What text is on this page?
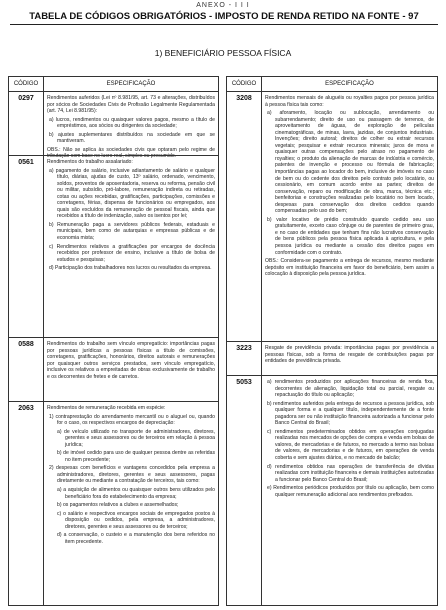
ANEXO - I I I
TABELA DE CÓDIGOS OBRIGATÓRIOS - IMPOSTO DE RENDA RETIDO NA FONTE - 97
1) BENEFICIÁRIO PESSOA FÍSICA
CÓDIGO	ESPECIFICAÇÃO
0297	Rendimentos auferidos (Lei nº 8.981/95, art. 73 e alterações, distribuídos por sócios de Sociedades Civis de Profissão Legalmente Regulamentada (art. 74, Lei 8.981/95):

a) lucros, rendimentos ou quaisquer valores pagos, mesmo a título de empréstimos, aos sócios ou dirigentes da sociedade;

b) ajustes suplementares distribuídos na sociedade em que se mantiveram.

OBS.: Não se aplica às sociedades civis que optaram pelo regime de tributação com base no lucro real, simples ou presumido.

0561	Rendimentos do trabalho assalariado:

a) pagamento de salário, inclusive adiantamento de salário e qualquer título, diárias, ajudas de custo, 13º salário, ordenado, vencimento, soldos, proventos de aposentadoria, reserva ou reforma, pensão civil ou militar, subsídio, pró-labore, remuneração indireta ou retiradas, cotas ou ações recebidas, gratificações, participações, comissões e corretagens, férias, dispensa de funcionários ou empregados, aos quais são excluídos da remuneração de pessoal fiscais, ainda que recebidos a título de indenização, salvo os isentos por lei;

b) Remuneração paga a servidores públicos federais, estaduais e municipais, bem como de autarquias e empresas públicas e de economia mista;

c) Rendimentos relativos a gratificações por encargos de docência recebidos por professor de ensino, inclusive a título de bolsa de estudos e pesquisas;

d) Participação dos trabalhadores nos lucros ou resultados da empresa.

0588	Rendimentos do trabalho sem vínculo empregatício: importâncias pagas por pessoas jurídicas a pessoas físicas a título de comissões, corretagens, gratificações, honorários, direitos autorais e remunerações por quaisquer outros serviços prestados, sem vínculo empregatício, inclusive os relativos a empreitadas de obras exclusivamente de trabalho e os decorrentes de fretes e de carretos.

2063	Rendimentos de remuneração recebida em espécie:

1) contraprestação do arrendamento mercantil ou o aluguel ou, quando for o caso, os respectivos encargos de depreciação:

a) de veículo utilizado no transporte de administradores, diretores, gerentes e seus assessores ou de terceiros em relação à pessoa jurídica;

b) de imóvel cedido para uso de qualquer pessoa dentre as referidas no item precedente;

2) despesas com benefícios e vantagens concedidos pela empresa a administradores, diretores, gerentes e seus assessores, pagas diretamente ou mediante a contratação de terceiros, tais como:

a) a aquisição de alimentos ou quaisquer outros bens utilizados pelo beneficiário fora do estabelecimento da empresa;

b) os pagamentos relativos a clubes e assemelhados;

c) o salário e respectivos encargos sociais de empregados postos à disposição ou cedidos, pela empresa, a administradores, diretores, gerentes e seus assessores ou de terceiros;

d) a conservação, o custeio e a manutenção dos bens referidos no item precedente.

CÓDIGO	ESPECIFICAÇÃO
3208	Rendimentos mensais de aluguéis ou royalties pagos por pessoa jurídica à pessoa física tais como:

a) aforamento, locação ou sublocação, arrendamento ou subarrendamento; direito de uso ou passagem de terrenos, de aproveitamento de águas, de exploração de películas cinematográficas, de minas, lavra, jazidas, de conjuntos industriais. Invenções; direito autoral; direitos de colher ou extrair recursos vegetais; pesquisar e extrair recursos minerais; juros de mora e quaisquer outras compensações pelo atraso no pagamento de royalties; o produto da alienação de marcas de indústria e comércio, patentes de invenção e processo ou fórmula de fabricação; importâncias pagas ao locador do bem, inclusive de imóveis no caso de bem ou do cedente dos direitos pelo contrato pelo locatário, ou cessionário, em comum acordo entre as partes; direitos de conservação, reparo ou modificação de obra, marca, técnica etc.; benfeitorias e construções realizadas pelo locatário no bem locado, despesas para conservação dos direitos cedidos quando compensadas pelo uso do bem;

b) valor locativo de prédio construído quando cedido seu uso gratuitamente, exceto caso cônjuge ou de parentes de primeiro grau, e no caso de entidades que tenham fins não lucrativos conservação de bens públicos pela pessoa física aplicada à agricultura, e pela pessoa jurídica ou mediante a cessão dos direitos pagos em conformidade com o contrato.

OBS.: Considera-se pagamento a entrega de recursos, mesmo mediante depósito em instituição financeira em favor do beneficiário, bem assim a colocação à disposição pela pessoa jurídica.

3223	Resgate de previdência privada: importâncias pagas por previdência a pessoas físicas, sob a forma de resgate de contribuições pagas por entidades de previdência privada.

5053	a) rendimentos produzidos por aplicações financeiras de renda fixa, decorrentes de alienação, liquidação total ou parcial, resgate ou repactuação do título ou aplicação;

b) rendimentos auferidos pela entrega de recursos a pessoa jurídica, sob qualquer forma e a qualquer título, independentemente de a fonte pagadora ser ou não instituição financeira autorizada a funcionar pelo Banco Central do Brasil;

c) rendimentos predeterminados obtidos em operações conjugadas realizadas nos mercados de opções de compra e venda em bolsas de valores, de mercadorias e de futuros, no mercado a termo nas bolsas de valores, de mercadorias e de futuros, em operações de venda coberta e sem ajustes diários, e no mercado de balcão;

d) rendimentos obtidos nas operações de transferência de dívidas realizadas com instituição financeira e demais instituições autorizadas a funcionar pelo Banco Central do Brasil;

e) Rendimentos periódicos produzidos por título ou aplicação, bem como qualquer remuneração adicional aos rendimentos prefixados.
